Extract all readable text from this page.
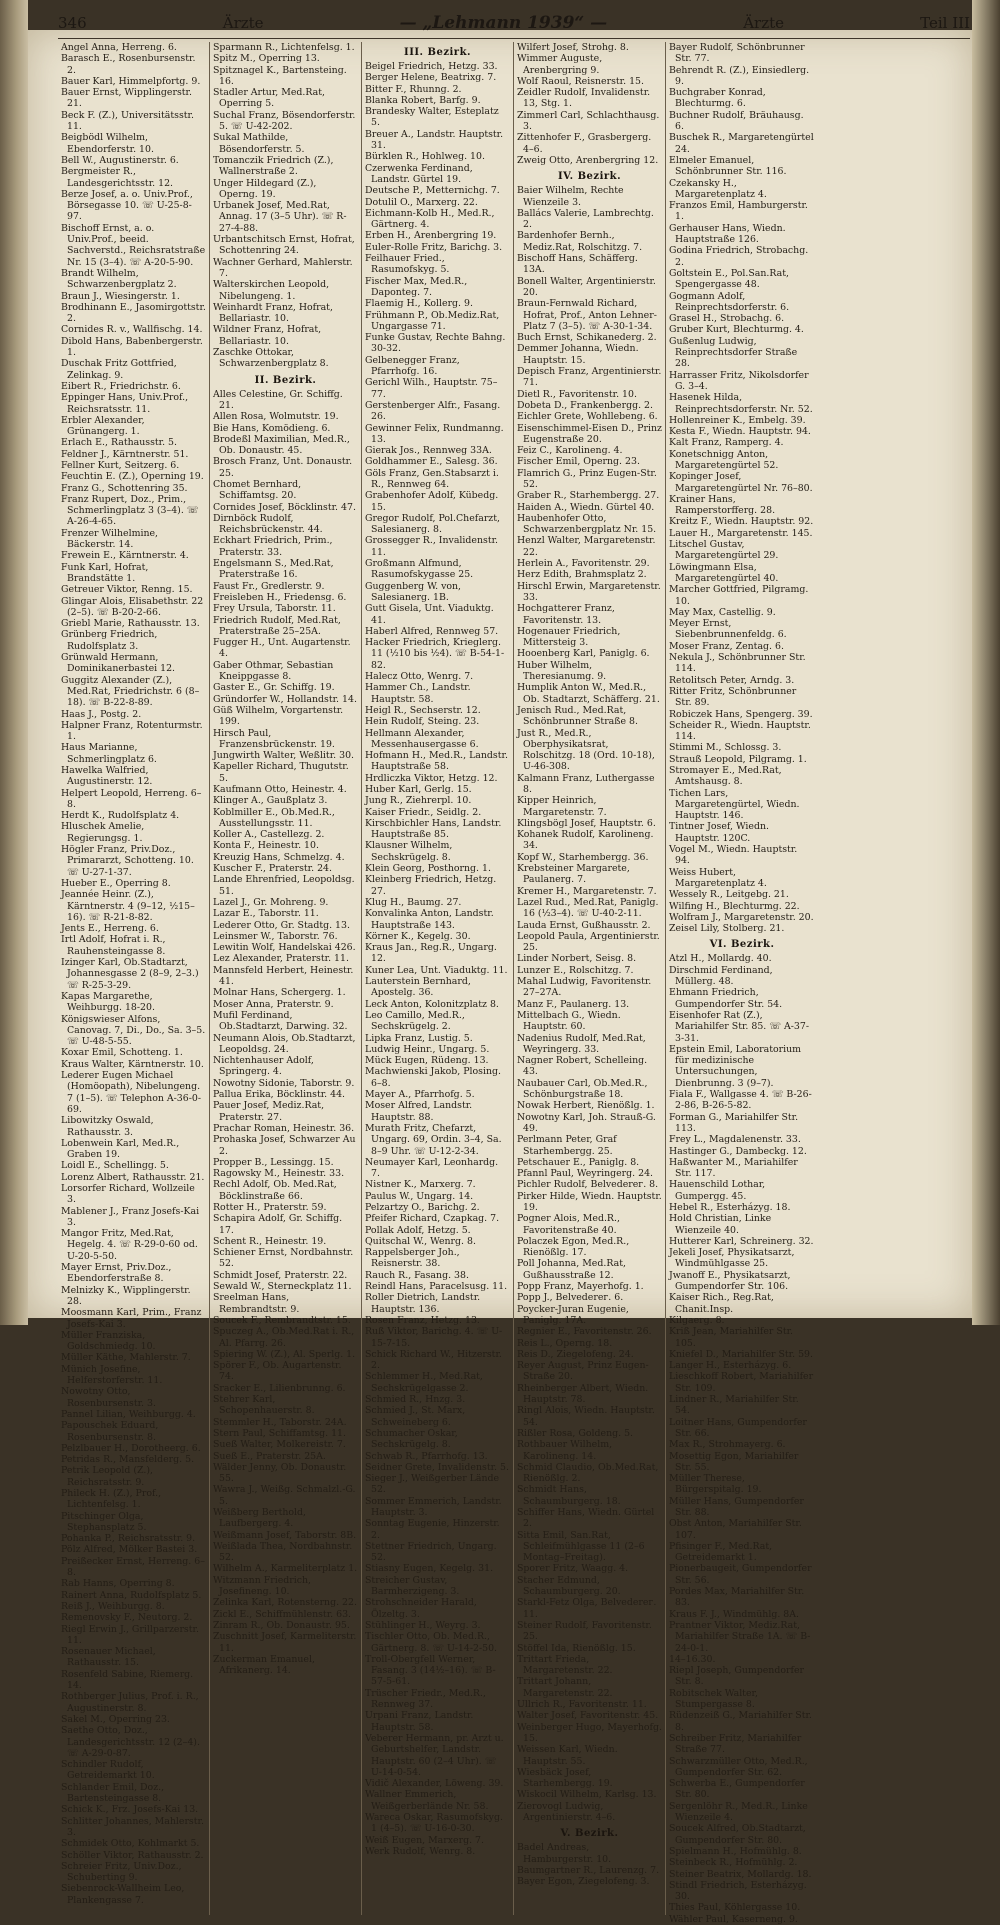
346	Ärzte	— „Lehmann 1939“ —	Ärzte	Teil III
Angel Anna, Herreng. 6.
Barasch E., Rosenbursenstr. 2.
Bauer Karl, Himmelpfortg. 9.
Bauer Ernst, Wipplingerstr. 21.
Beck F. (Z.), Universitätsstr. 11.
Beigbödl Wilhelm, Ebendorferstr. 10.
Bell W., Augustinerstr. 6.
Bergmeister R., Landesgerichtsstr. 12.
Berze Josef, a. o. Univ.Prof., Börsegasse 10. ☏ U-25-8-97.
Bischoff Ernst, a. o. Univ.Prof., beeid. Sachverstd., Reichsratstraße Nr. 15 (3–4). ☏ A-20-5-90.
Brandt Wilhelm, Schwarzenbergplatz 2.
Braun J., Wiesingerstr. 1.
Brodhinann E., Jasomirgottstr. 2.
Cornides R. v., Wallfischg. 14.
Dibold Hans, Babenbergerstr. 1.
Duschak Fritz Gottfried, Zelinkag. 9.
Eibert R., Friedrichstr. 6.
Eppinger Hans, Univ.Prof., Reichsratsstr. 11.
Erbler Alexander, Grünangerg. 1.
Erlach E., Rathausstr. 5.
Feldner J., Kärntnerstr. 51.
Fellner Kurt, Seitzerg. 6.
Feuchtin E. (Z.), Operning 19.
Franz G., Schottenring 35.
Franz Rupert, Doz., Prim., Schmerlingplatz 3 (3–4). ☏ A-26-4-65.
Frenzer Wilhelmine, Bäckerstr. 14.
Frewein E., Kärntnerstr. 4.
Funk Karl, Hofrat, Brandstätte 1.
Getreuer Viktor, Renng. 15.
Glingar Alois, Elisabethstr. 22 (2–5). ☏ B-20-2-66.
Griebl Marie, Rathausstr. 13.
Grünberg Friedrich, Rudolfsplatz 3.
Grünwald Hermann, Dominikanerbastei 12.
Guggitz Alexander (Z.), Med.Rat, Friedrichstr. 6 (8–18). ☏ B-22-8-89.
Haas J., Postg. 2.
Halpner Franz, Rotenturmstr. 1.
Haus Marianne, Schmerlingplatz 6.
Hawelka Walfried, Augustinerstr. 12.
Helpert Leopold, Herreng. 6–8.
Herdt K., Rudolfsplatz 4.
Hluschek Amelie, Regierungsg. 1.
Högler Franz, Priv.Doz., Primararzt, Schotteng. 10. ☏ U-27-1-37.
Hueber E., Operring 8.
Jeannée Heinr. (Z.), Kärntnerstr. 4 (9–12, ½15–16). ☏ R-21-8-82.
Jents E., Herreng. 6.
Irtl Adolf, Hofrat i. R., Rauhensteingasse 8.
Izinger Karl, Ob.Stadtarzt, Johannesgasse 2 (8–9, 2–3.) ☏ R-25-3-29.
Kapas Margarethe, Weihburgg. 18-20.
Königswieser Alfons, Canovag. 7, Di., Do., Sa. 3–5. ☏ U-48-5-55.
Koxar Emil, Schotteng. 1.
Kraus Walter, Kärntnerstr. 10.
Lederer Eugen Michael (Homöopath), Nibelungeng. 7 (1–5). ☏ Telephon A-36-0-69.
Libowitzky Oswald, Rathausstr. 3.
Lobenwein Karl, Med.R., Graben 19.
Loidl E., Schellingg. 5.
Lorenz Albert, Rathausstr. 21.
Lorsorfer Richard, Wollzeile 3.
Mablener J., Franz Josefs-Kai 3.
Mangor Fritz, Med.Rat, Hegelg. 4. ☏ R-29-0-60 od. U-20-5-50.
Mayer Ernst, Priv.Doz., Ebendorferstraße 8.
Melnizky K., Wipplingerstr. 28.
Moosmann Karl, Prim., Franz Josefs-Kai 3.
Müller Franziska, Goldschmiedg. 10.
Müller Käthe, Mahlerstr. 7.
Münich Josefine, Helferstorferstr. 11.
Nowotny Otto, Rosenbursenstr. 3.
Pannel Lilian, Weihburgg. 4.
Papouschek Eduard, Rosenbursenstr. 8.
Pelzlbauer H., Dorotheerg. 6.
Petridas R., Mansfelderg. 5.
Petrik Leopold (Z.), Reichsratsstr. 9.
Phileck H. (Z.), Prof., Lichtenfelsg. 1.
Pitschinger Olga, Stephansplatz 5.
Pohanka P., Reichsratsstr. 9.
Pölz Alfred, Mölker Bastei 3.
Preißecker Ernst, Herreng. 6–8.
Rab Hanns, Operring 8.
Rainert Anna, Rudolfsplatz 5.
Reiß J., Weihburgg. 8.
Remenovsky F., Neutorg. 2.
Riegl Erwin J., Grillparzerstr. 11.
Rosenauer Michael, Rathausstr. 15.
Rosenfeld Sabine, Riemerg. 14.
Rothberger Julius, Prof. i. R., Augustinerstr. 8.
Sakel M., Operring 23.
Saethe Otto, Doz., Landesgerichtsstr. 12 (2–4). ☏ A-29-0-87.
Schindler Rudolf, Getreidemarkt 10.
Schlander Emil, Doz., Bartensteingasse 8.
Schick K., Frz. Josefs-Kai 13.
Schlitter Johannes, Mahlerstr. 3.
Schmidek Otto, Kohlmarkt 5.
Schöller Viktor, Rathausstr. 2.
Schreier Fritz, Univ.Doz., Schuberting 9.
Siebenrock-Wallheim Leo, Plankengasse 7.
Sparmann R., Lichtenfelsg. 1.
Spitz M., Operring 13.
Spitznagel K., Bartensteing. 16.
Stadler Artur, Med.Rat, Operring 5.
Suchal Franz, Bösendorferstr. 5. ☏ U-42-202.
Sukal Mathilde, Bösendorferstr. 5.
Tomanczik Friedrich (Z.), Wallnerstraße 2.
Unger Hildegard (Z.), Operng. 19.
Urbanek Josef, Med.Rat, Annag. 17 (3–5 Uhr). ☏ R-27-4-88.
Urbantschitsch Ernst, Hofrat, Schottenring 24.
Wachner Gerhard, Mahlerstr. 7.
Walterskirchen Leopold, Nibelungeng. 1.
Weinhardt Franz, Hofrat, Bellariastr. 10.
Wildner Franz, Hofrat, Bellariastr. 10.
Zaschke Ottokar, Schwarzenbergplatz 8.
II. Bezirk.
Alles Celestine, Gr. Schiffg. 21.
Allen Rosa, Wolmutstr. 19.
Bie Hans, Komödieng. 6.
Brodeßl Maximilian, Med.R., Ob. Donaustr. 45.
Brosch Franz, Unt. Donaustr. 25.
Chomet Bernhard, Schiffamtsg. 20.
Cornides Josef, Böcklinstr. 47.
Dirnböck Rudolf, Reichsbrückenstr. 44.
Eckhart Friedrich, Prim., Praterstr. 33.
Engelsmann S., Med.Rat, Praterstraße 16.
Faust Fr., Gredlerstr. 9.
Freisleben H., Friedensg. 6.
Frey Ursula, Taborstr. 11.
Friedrich Rudolf, Med.Rat, Praterstraße 25–25A.
Fugger H., Unt. Augartenstr. 4.
Gaber Othmar, Sebastian Kneippgasse 8.
Gaster E., Gr. Schiffg. 19.
Gründorfer W., Hollandstr. 14.
Güß Wilhelm, Vorgartenstr. 199.
Hirsch Paul, Franzensbrückenstr. 19.
Jungwirth Walter, Weßlitr. 30.
Kapeller Richard, Thugutstr. 5.
Kaufmann Otto, Heinestr. 4.
Klinger A., Gaußplatz 3.
Koblmiller E., Ob.Med.R., Ausstellungsstr. 11.
Koller A., Castellezg. 2.
Konta F., Heinestr. 10.
Kreuzig Hans, Schmelzg. 4.
Kuscher F., Praterstr. 24.
Lande Ehrenfried, Leopoldsg. 51.
Lazel J., Gr. Mohreng. 9.
Lazar E., Taborstr. 11.
Lederer Otto, Gr. Stadtg. 13.
Leinsmer W., Taborstr. 76.
Lewitin Wolf, Handelskai 426.
Lez Alexander, Praterstr. 11.
Mannsfeld Herbert, Heinestr. 41.
Molnar Hans, Schergerg. 1.
Moser Anna, Praterstr. 9.
Mufil Ferdinand, Ob.Stadtarzt, Darwing. 32.
Neumann Alois, Ob.Stadtarzt, Leopoldsg. 24.
Nichtenhauser Adolf, Springerg. 4.
Nowotny Sidonie, Taborstr. 9.
Pallua Erika, Böcklinstr. 44.
Pauer Josef, Mediz.Rat, Praterstr. 27.
Prachar Roman, Heinestr. 36.
Prohaska Josef, Schwarzer Au 2.
Propper B., Lessingg. 15.
Ragowsky M., Heinestr. 33.
Rechl Adolf, Ob. Med.Rat, Böcklinstraße 66.
Rotter H., Praterstr. 59.
Schapira Adolf, Gr. Schiffg. 17.
Schent R., Heinestr. 19.
Schiener Ernst, Nordbahnstr. 52.
Schmidt Josef, Praterstr. 22.
Sewald W., Sterneckplatz 11.
Sreelman Hans, Rembrandtstr. 9.
Soucek F., Rembrandtstr. 15.
Spuczeg A., Ob.Med.Rat i. R., Al. Pfarrg. 26.
Spiering W. (Z.), Al. Sperlg. 1.
Spörer F., Ob. Augartenstr. 74.
Sracker E., Lilienbrunng. 6.
Stehrer Karl, Schopenhauerstr. 8.
Stemmler H., Taborstr. 24A.
Stern Paul, Schiffamtsg. 11.
Sueß Walter, Molkereistr. 7.
Sueß E., Praterstr. 25A.
Wälder Jenny, Ob. Donaustr. 55.
Wawra J., Weißg. Schmalzl.-G. 5.
Weißberg Berthold, Laufbergerg. 4.
Weißmann Josef, Taborstr. 8B.
Weißlada Thea, Nordbahnstr. 52.
Wilhelm A., Karmeliterplatz 1.
Witzmann Friedrich, Josefineng. 10.
Zelinka Karl, Rotensterng. 22.
Zickl E., Schiffmühlenstr. 63.
Zinram R., Ob. Donaustr. 95.
Zuschnitt Josef, Karmeliterstr. 11.
Zuckerman Emanuel, Afrikanerg. 14.
III. Bezirk.
Beigel Friedrich, Hetzg. 33.
Berger Helene, Beatrixg. 7.
Bitter F., Rhunng. 2.
Blanka Robert, Barfg. 9.
Brandesky Walter, Esteplatz 5.
Breuer A., Landstr. Hauptstr. 31.
Bürklen R., Hohlweg. 10.
Czerwenka Ferdinand, Landstr. Gürtel 19.
Deutsche P., Metternichg. 7.
Dotulil O., Marxerg. 22.
Eichmann-Kolb H., Med.R., Gärtnerg. 4.
Erben H., Arenbergring 19.
Euler-Rolle Fritz, Barichg. 3.
Feilhauer Fried., Rasumofskyg. 5.
Fischer Max, Med.R., Daponteg. 7.
Flaemig H., Kollerg. 9.
Frühmann P., Ob.Mediz.Rat, Ungargasse 71.
Funke Gustav, Rechte Bahng. 30-32.
Gelbenegger Franz, Pfarrhofg. 16.
Gerichl Wilh., Hauptstr. 75–77.
Gerstenberger Alfr., Fasang. 26.
Gewinner Felix, Rundmanng. 13.
Gierak Jos., Rennweg 33A.
Goldhammer E., Salesg. 36.
Göls Franz, Gen.Stabsarzt i. R., Rennweg 64.
Grabenhofer Adolf, Kübedg. 15.
Gregor Rudolf, Pol.Chefarzt, Salesianerg. 8.
Grossegger R., Invalidenstr. 11.
Großmann Alfmund, Rasumofskygasse 25.
Guggenberg W. von, Salesianerg. 1B.
Gutt Gisela, Unt. Viaduktg. 41.
Haberl Alfred, Rennweg 57.
Hacker Friedrich, Krieglerg. 11 (½10 bis ½4). ☏ B-54-1-82.
Halecz Otto, Wenrg. 7.
Hammer Ch., Landstr. Hauptstr. 58.
Heigl R., Sechserstr. 12.
Hein Rudolf, Steing. 23.
Hellmann Alexander, Messenhausergasse 6.
Hofmann H., Med.R., Landstr. Hauptstraße 58.
Hrdliczka Viktor, Hetzg. 12.
Huber Karl, Gerlg. 15.
Jung R., Ziehrerpl. 10.
Kaiser Friedr., Seidlg. 2.
Kirschbichler Hans, Landstr. Hauptstraße 85.
Klausner Wilhelm, Sechskrügelg. 8.
Klein Georg, Posthorng. 1.
Kleinberg Friedrich, Hetzg. 27.
Klug H., Baumg. 27.
Konvalinka Anton, Landstr. Hauptstraße 143.
Körner K., Kegelg. 30.
Kraus Jan., Reg.R., Ungarg. 12.
Kuner Lea, Unt. Viaduktg. 11.
Lauterstein Bernhard, Apostelg. 36.
Leck Anton, Kolonitzplatz 8.
Leo Camillo, Med.R., Sechskrügelg. 2.
Lipka Franz, Lustig. 5.
Ludwig Heinr., Ungarg. 5.
Mück Eugen, Rüdeng. 13.
Machwienski Jakob, Plosing. 6–8.
Mayer A., Pfarrhofg. 5.
Moser Alfred, Landstr. Hauptstr. 88.
Murath Fritz, Chefarzt, Ungarg. 69, Ordin. 3–4, Sa. 8–9 Uhr. ☏ U-12-2-34.
Neumayer Karl, Leonhardg. 7.
Nistner K., Marxerg. 7.
Paulus W., Ungarg. 14.
Pelzartzy O., Barichg. 2.
Pfeifer Richard, Czapkag. 7.
Pollak Adolf, Hetzg. 5.
Quitschal W., Wenrg. 8.
Rappelsberger Joh., Reisnerstr. 38.
Rauch R., Fasang. 38.
Reindl Hans, Paracelsusg. 11.
Roller Dietrich, Landstr. Hauptstr. 136.
Rosen Franz, Hetzg. 13.
Ruß Viktor, Barichg. 4. ☏ U-15-7-15.
Schick Richard W., Hitzerstr. 2.
Schlemmer H., Med.Rat, Sechskrügelgasse 2.
Schmied R., Hnzg. 3.
Schmied J., St. Marx, Schweineberg 6.
Schumacher Oskar, Sechskrügelg. 8.
Schwab R., Pfarrhofg. 13.
Seidner Grete, Invalidenstr. 5.
Sieger J., Weißgerber Lände 52.
Sommer Emmerich, Landstr. Hauptstr. 3.
Sonntag Eugenie, Hinzerstr. 2.
Stettner Friedrich, Ungarg. 52.
Stiasny Eugen, Kegelg. 31.
Streicher Gustav, Barmherzigeng. 3.
Strohschneider Harald, Ölzeltg. 3.
Stühlinger H., Weyrg. 3.
Tischler Otto, Ob. Med.R., Gärtnerg. 8. ☏ U-14-2-50.
Troll-Obergfell Werner, Fasang. 3 (14½–16). ☏ B-57-5-61.
Trüscher Friedr., Med.R., Rennweg 37.
Urpani Franz, Landstr. Hauptstr. 58.
Veberer Hermann, pr. Arzt u. Geburtshelfer, Landstr. Hauptstr. 60 (2–4 Uhr). ☏ U-14-0-54.
Vidič Alexander, Löweng. 39.
Wallner Emmerich, Weißgerberlände Nr. 58.
Wareca Oskar, Rasumofskyg. 1 (4–5). ☏ U-16-0-30.
Weiß Eugen, Marxerg. 7.
Werk Rudolf, Wenrg. 8.
Wilfert Josef, Strohg. 8.
Wimmer Auguste, Arenbergring 9.
Wolf Raoul, Reisnerstr. 15.
Zeidler Rudolf, Invalidenstr. 13, Stg. 1.
Zimmerl Carl, Schlachthausg. 3.
Zittenhofer F., Grasbergerg. 4–6.
Zweig Otto, Arenbergring 12.
IV. Bezirk.
Baier Wilhelm, Rechte Wienzeile 3.
Ballács Valerie, Lambrechtg. 2.
Bardenhofer Bernh., Mediz.Rat, Rolschitzg. 7.
Bischoff Hans, Schäfferg. 13A.
Bonell Walter, Argentinierstr. 20.
Braun-Fernwald Richard, Hofrat, Prof., Anton Lehner-Platz 7 (3–5). ☏ A-30-1-34.
Buch Ernst, Schikanederg. 2.
Demmer Johanna, Wiedn. Hauptstr. 15.
Depisch Franz, Argentinierstr. 71.
Dietl R., Favoritenstr. 10.
Dobeta D., Frankenbergg. 2.
Eichler Grete, Wohllebeng. 6.
Eisenschimmel-Eisen D., Prinz Eugenstraße 20.
Feiz C., Karolineng. 4.
Fischer Emil, Operng. 23.
Flamrich G., Prinz Eugen-Str. 52.
Graber R., Starhembergg. 27.
Haiden A., Wiedn. Gürtel 40.
Haubenhofer Otto, Schwarzenbergplatz Nr. 15.
Henzl Walter, Margaretenstr. 22.
Herlein A., Favoritenstr. 29.
Herz Edith, Brahmsplatz 2.
Hirschl Erwin, Margaretenstr. 33.
Hochgatterer Franz, Favoritenstr. 13.
Hogenauer Friedrich, Mittersteig 3.
Hooenberg Karl, Paniglg. 6.
Huber Wilhelm, Theresianumg. 9.
Humplik Anton W., Med.R., Ob. Stadtarzt, Schäfferg. 21.
Jenisch Rud., Med.Rat, Schönbrunner Straße 8.
Just R., Med.R., Oberphysikatsrat, Rolschitzg. 18 (Ord. 10-18), U-46-308.
Kalmann Franz, Luthergasse 8.
Kipper Heinrich, Margaretenstr. 7.
Klingsbögl Josef, Hauptstr. 6.
Kohanek Rudolf, Karolineng. 34.
Kopf W., Starhembergg. 36.
Krebsteiner Margarete, Paulanerg. 7.
Kremer H., Margaretenstr. 7.
Lazel Rud., Med.Rat, Paniglg. 16 (½3–4). ☏ U-40-2-11.
Lauda Ernst, Gußhausstr. 2.
Leopold Paula, Argentinierstr. 25.
Linder Norbert, Seisg. 8.
Lunzer E., Rolschitzg. 7.
Mahal Ludwig, Favoritenstr. 27–27A.
Manz F., Paulanerg. 13.
Mittelbach G., Wiedn. Hauptstr. 60.
Nadenius Rudolf, Med.Rat, Weyringerg. 33.
Nagner Robert, Schelleing. 43.
Naubauer Carl, Ob.Med.R., Schönburgstraße 18.
Nowak Herbert, Rienößlg. 1.
Nowotny Karl, Joh. Strauß-G. 49.
Perlmann Peter, Graf Starhembergg. 25.
Petschauer E., Paniglg. 8.
Pfannl Paul, Weyringerg. 24.
Pichler Rudolf, Belvederег. 8.
Pirker Hilde, Wiedn. Hauptstr. 19.
Pogner Alois, Med.R., Favoritenstraße 40.
Polaczek Egon, Med.R., Rienößlg. 17.
Poll Johanna, Med.Rat, Gußhausstraße 12.
Popp Franz, Mayerhofg. 1.
Popp J., Belvederег. 6.
Poycker-Juran Eugenie, Paniglg. 17A.
Regnier E., Favoritenstr. 26.
Reis L., Operng. 18.
Reis D., Ziegelofeng. 24.
Reyer August, Prinz Eugen-Straße 20.
Rheinberger Albert, Wiedn. Hauptstr. 78.
Ringl Alois, Wiedn. Hauptstr. 54.
Rißler Rosa, Goldeng. 5.
Rothbauer Wilhelm, Karolineng. 14.
Schmid Claudio, Ob.Med.Rat, Rienößlg. 2.
Schmidt Hans, Schaumburgerg. 18.
Schiffer Hans, Wiedn. Gürtel 2.
Sitta Emil, San.Rat, Schleifmühlgasse 11 (2–6 Montag–Freitag).
Sporer Fritz, Waagg. 4.
Stacher Edmund, Schaumburgerg. 20.
Starkl-Fetz Olga, Belvederег. 11.
Steiner Rudolf, Favoritenstr. 25.
Stöffel Ida, Rienößlg. 15.
Trittart Frieda, Margaretenstr. 22.
Trittart Johann, Margaretenstr. 22.
Ullrich R., Favoritenstr. 11.
Walter Josef, Favoritenstr. 45.
Weinberger Hugo, Mayerhofg. 15.
Weissen Karl, Wiedn. Hauptstr. 55.
Wiesbäck Josef, Starhembergg. 19.
Wiskocil Wilhelm, Karlsg. 13.
Zierovogl Ludwig, Argentinierstr. 4–6.
V. Bezirk.
Badel Andreas, Hamburgerstr. 10.
Baumgartner R., Laurenzg. 7.
Bayer Egon, Ziegelofeng. 3.
Bayer Rudolf, Schönbrunner Str. 77.
Behrendt R. (Z.), Einsiedlerg. 9.
Buchgraber Konrad, Blechturmg. 6.
Buchner Rudolf, Bräuhausg. 6.
Buschek R., Margaretengürtel 24.
Elmeler Emanuel, Schönbrunner Str. 116.
Czekansky H., Margaretenplatz 4.
Franzos Emil, Hamburgerstr. 1.
Gerhauser Hans, Wiedn. Hauptstraße 126.
Godina Friedrich, Strobachg. 2.
Goltstein E., Pol.San.Rat, Spengergasse 48.
Gogmann Adolf, Reinprechtsdorferstr. 6.
Grasel H., Strobachg. 6.
Gruber Kurt, Blechturmg. 4.
Gußenlug Ludwig, Reinprechtsdorfer Straße 28.
Harrasser Fritz, Nikolsdorfer G. 3–4.
Hasenek Hilda, Reinprechtsdorferstr. Nr. 52.
Hollenreiner K., Embelg. 39.
Kesta F., Wiedn. Hauptstr. 94.
Kalt Franz, Ramperg. 4.
Konetschnigg Anton, Margaretengürtel 52.
Kopinger Josef, Margaretengürtel Nr. 76–80.
Krainer Hans, Ramperstorfferg. 28.
Kreitz F., Wiedn. Hauptstr. 92.
Lauer H., Margaretenstr. 145.
Litschel Gustav, Margaretengürtel 29.
Löwingmann Elsa, Margaretengürtel 40.
Marcher Gottfried, Pilgramg. 10.
May Max, Castellig. 9.
Meyer Ernst, Siebenbrunnenfeldg. 6.
Moser Franz, Zentag. 6.
Nekula J., Schönbrunner Str. 114.
Retolitsch Peter, Arndg. 3.
Ritter Fritz, Schönbrunner Str. 89.
Robiczek Hans, Spengerg. 39.
Scheider R., Wiedn. Hauptstr. 114.
Stimmi M., Schlossg. 3.
Strauß Leopold, Pilgramg. 1.
Stromayer E., Med.Rat, Amtshausg. 8.
Tichen Lars, Margaretengürtel, Wiedn. Hauptstr. 146.
Tintner Josef, Wiedn. Hauptstr. 120C.
Vogel M., Wiedn. Hauptstr. 94.
Weiss Hubert, Margaretenplatz 4.
Wessely R., Leitgebg. 21.
Wilfing H., Blechturmg. 22.
Wolfram J., Margaretenstr. 20.
Zeisel Lily, Stolberg. 21.
VI. Bezirk.
Atzl H., Mollardg. 40.
Dirschmid Ferdinand, Müllerg. 48.
Ehmann Friedrich, Gumpendorfer Str. 54.
Eisenhofer Rat (Z.), Mariahilfer Str. 85. ☏ A-37-3-31.
Epstein Emil, Laboratorium für medizinische Untersuchungen, Dienbrunng. 3 (9–7).
Fiala F., Wallgasse 4. ☏ B-26-2-86, B-26-5-82.
Forman G., Mariahilfer Str. 113.
Frey L., Magdalenenstr. 33.
Hastinger G., Dambeckg. 12.
Haßwanter M., Mariahilfer Str. 117.
Hauenschild Lothar, Gumpergg. 45.
Hebel R., Esterházyg. 18.
Hold Christian, Linke Wienzeile 40.
Hutterer Karl, Schreinerg. 32.
Jekeli Josef, Physikatsarzt, Windmühlgasse 25.
Jwanoff E., Physikatsarzt, Gumpendorfer Str. 106.
Kaiser Rich., Reg.Rat, Chanit.Insp.
Kilgaerg. 8.
Kriß Jean, Mariahilfer Str. 105.
Kniefel D., Mariahilfer Str. 59.
Langer H., Esterházyg. 6.
Lieschkoff Robert, Mariahilfer Str. 109.
Lindner R., Mariahilfer Str. 54.
Loitner Hans, Gumpendorfer Str. 66.
Max R., Strohmayerg. 6.
Mosettig Egon, Mariahilfer Str. 55.
Müller Therese, Bürgerspitalg. 19.
Müller Hans, Gumpendorfer Str. 88.
Obst Anton, Mariahilfer Str. 107.
Pfisinger F., Med.Rat, Getreidemarkt 1.
Pionerbaugeit, Gumpendorfer Str. 56.
Pordes Max, Mariahilfer Str. 83.
Kraus F. J., Windmühlg. 8A.
Prantner Viktor, Mediz.Rat, Mariahilfer Straße 1A. ☏ B-24-0-1.
14–16.30.
Riepl Joseph, Gumpendorfer Str. 8.
Robitschek Walter, Stumpergasse 8.
Rüdenzeiß G., Mariahilfer Str. 8.
Schreiber Fritz, Mariahilfer Straße 77.
Schwarzmüller Otto, Med.R., Gumpendorfer Str. 62.
Schwerba E., Gumpendorfer Str. 80.
Sergenlöhr R., Med.R., Linke Wienzeile 4.
Soucek Alfred, Ob.Stadtarzt, Gumpendorfer Str. 80.
Spielmann H., Hofmühlg. 8.
Steinbeck R., Hofmühlg. 2.
Steiner Beatrix, Mollardg. 18.
Stindl Friedrich, Esterházyg. 30.
Thies Paul, Köhlergasse 10.
Wähler Paul, Kaserneng. 9.
